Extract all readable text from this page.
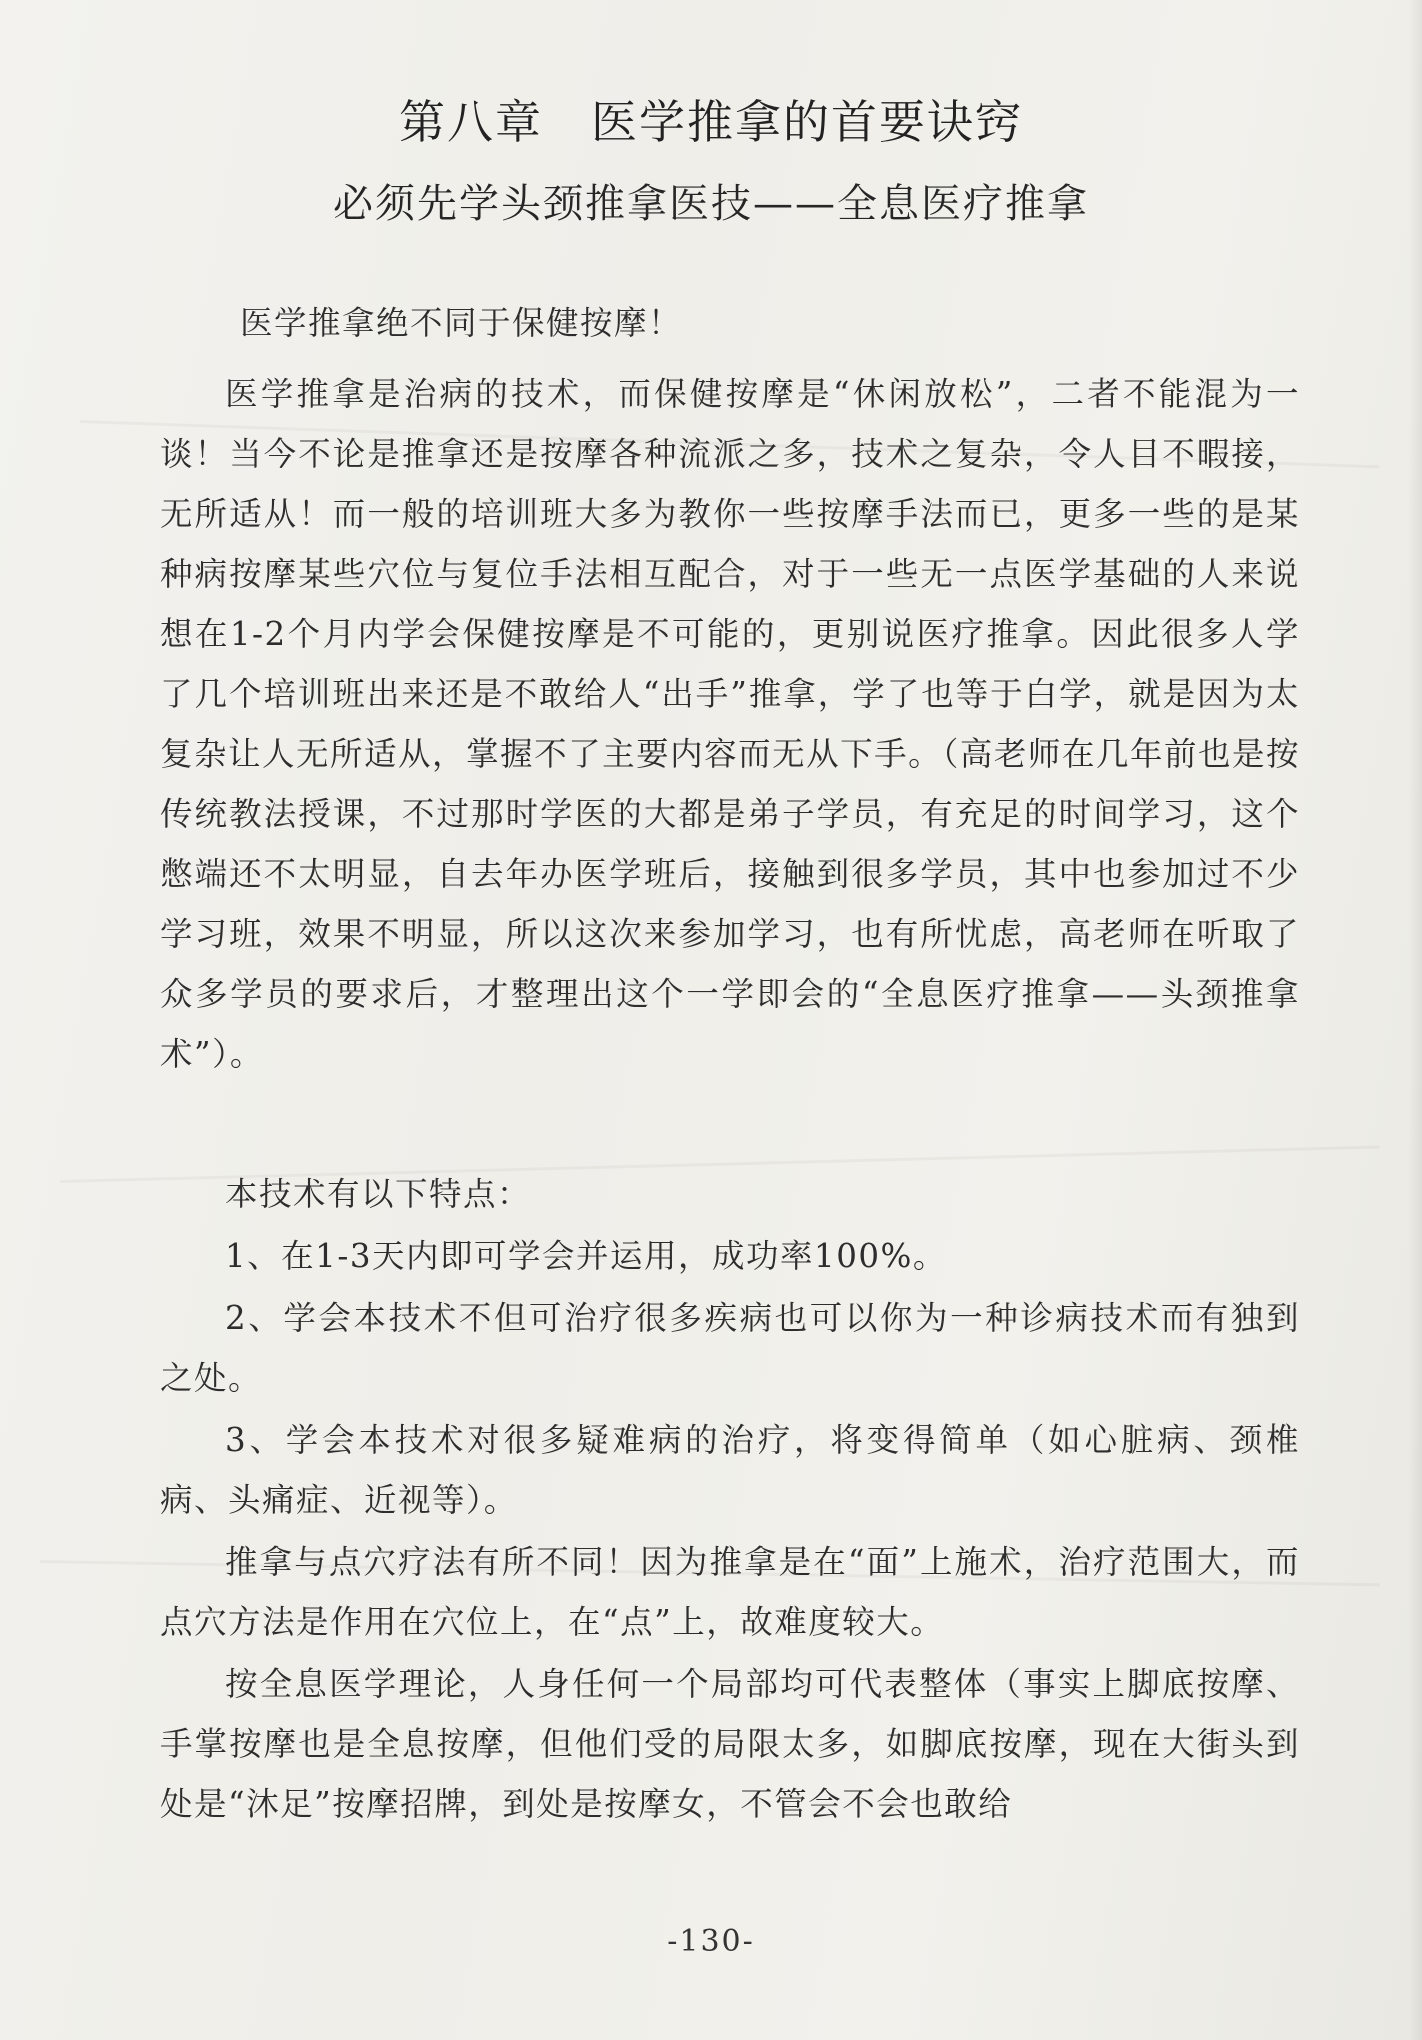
第八章　医学推拿的首要诀窍
必须先学头颈推拿医技——全息医疗推拿
医学推拿绝不同于保健按摩！

医学推拿是治病的技术，而保健按摩是“休闲放松”，二者不能混为一谈！当今不论是推拿还是按摩各种流派之多，技术之复杂，令人目不暇接，无所适从！而一般的培训班大多为教你一些按摩手法而已，更多一些的是某种病按摩某些穴位与复位手法相互配合，对于一些无一点医学基础的人来说想在1-2个月内学会保健按摩是不可能的，更别说医疗推拿。因此很多人学了几个培训班出来还是不敢给人“出手”推拿，学了也等于白学，就是因为太复杂让人无所适从，掌握不了主要内容而无从下手。（高老师在几年前也是按传统教法授课，不过那时学医的大都是弟子学员，有充足的时间学习，这个憋端还不太明显，自去年办医学班后，接触到很多学员，其中也参加过不少学习班，效果不明显，所以这次来参加学习，也有所忧虑，高老师在听取了众多学员的要求后，才整理出这个一学即会的“全息医疗推拿——头颈推拿术”）。

本技术有以下特点：

1、在1-3天内即可学会并运用，成功率100%。

2、学会本技术不但可治疗很多疾病也可以你为一种诊病技术而有独到之处。

3、学会本技术对很多疑难病的治疗，将变得简单（如心脏病、颈椎病、头痛症、近视等）。

推拿与点穴疗法有所不同！因为推拿是在“面”上施术，治疗范围大，而点穴方法是作用在穴位上，在“点”上，故难度较大。

按全息医学理论，人身任何一个局部均可代表整体（事实上脚底按摩、手掌按摩也是全息按摩，但他们受的局限太多，如脚底按摩，现在大街头到处是“沐足”按摩招牌，到处是按摩女，不管会不会也敢给

-130-
